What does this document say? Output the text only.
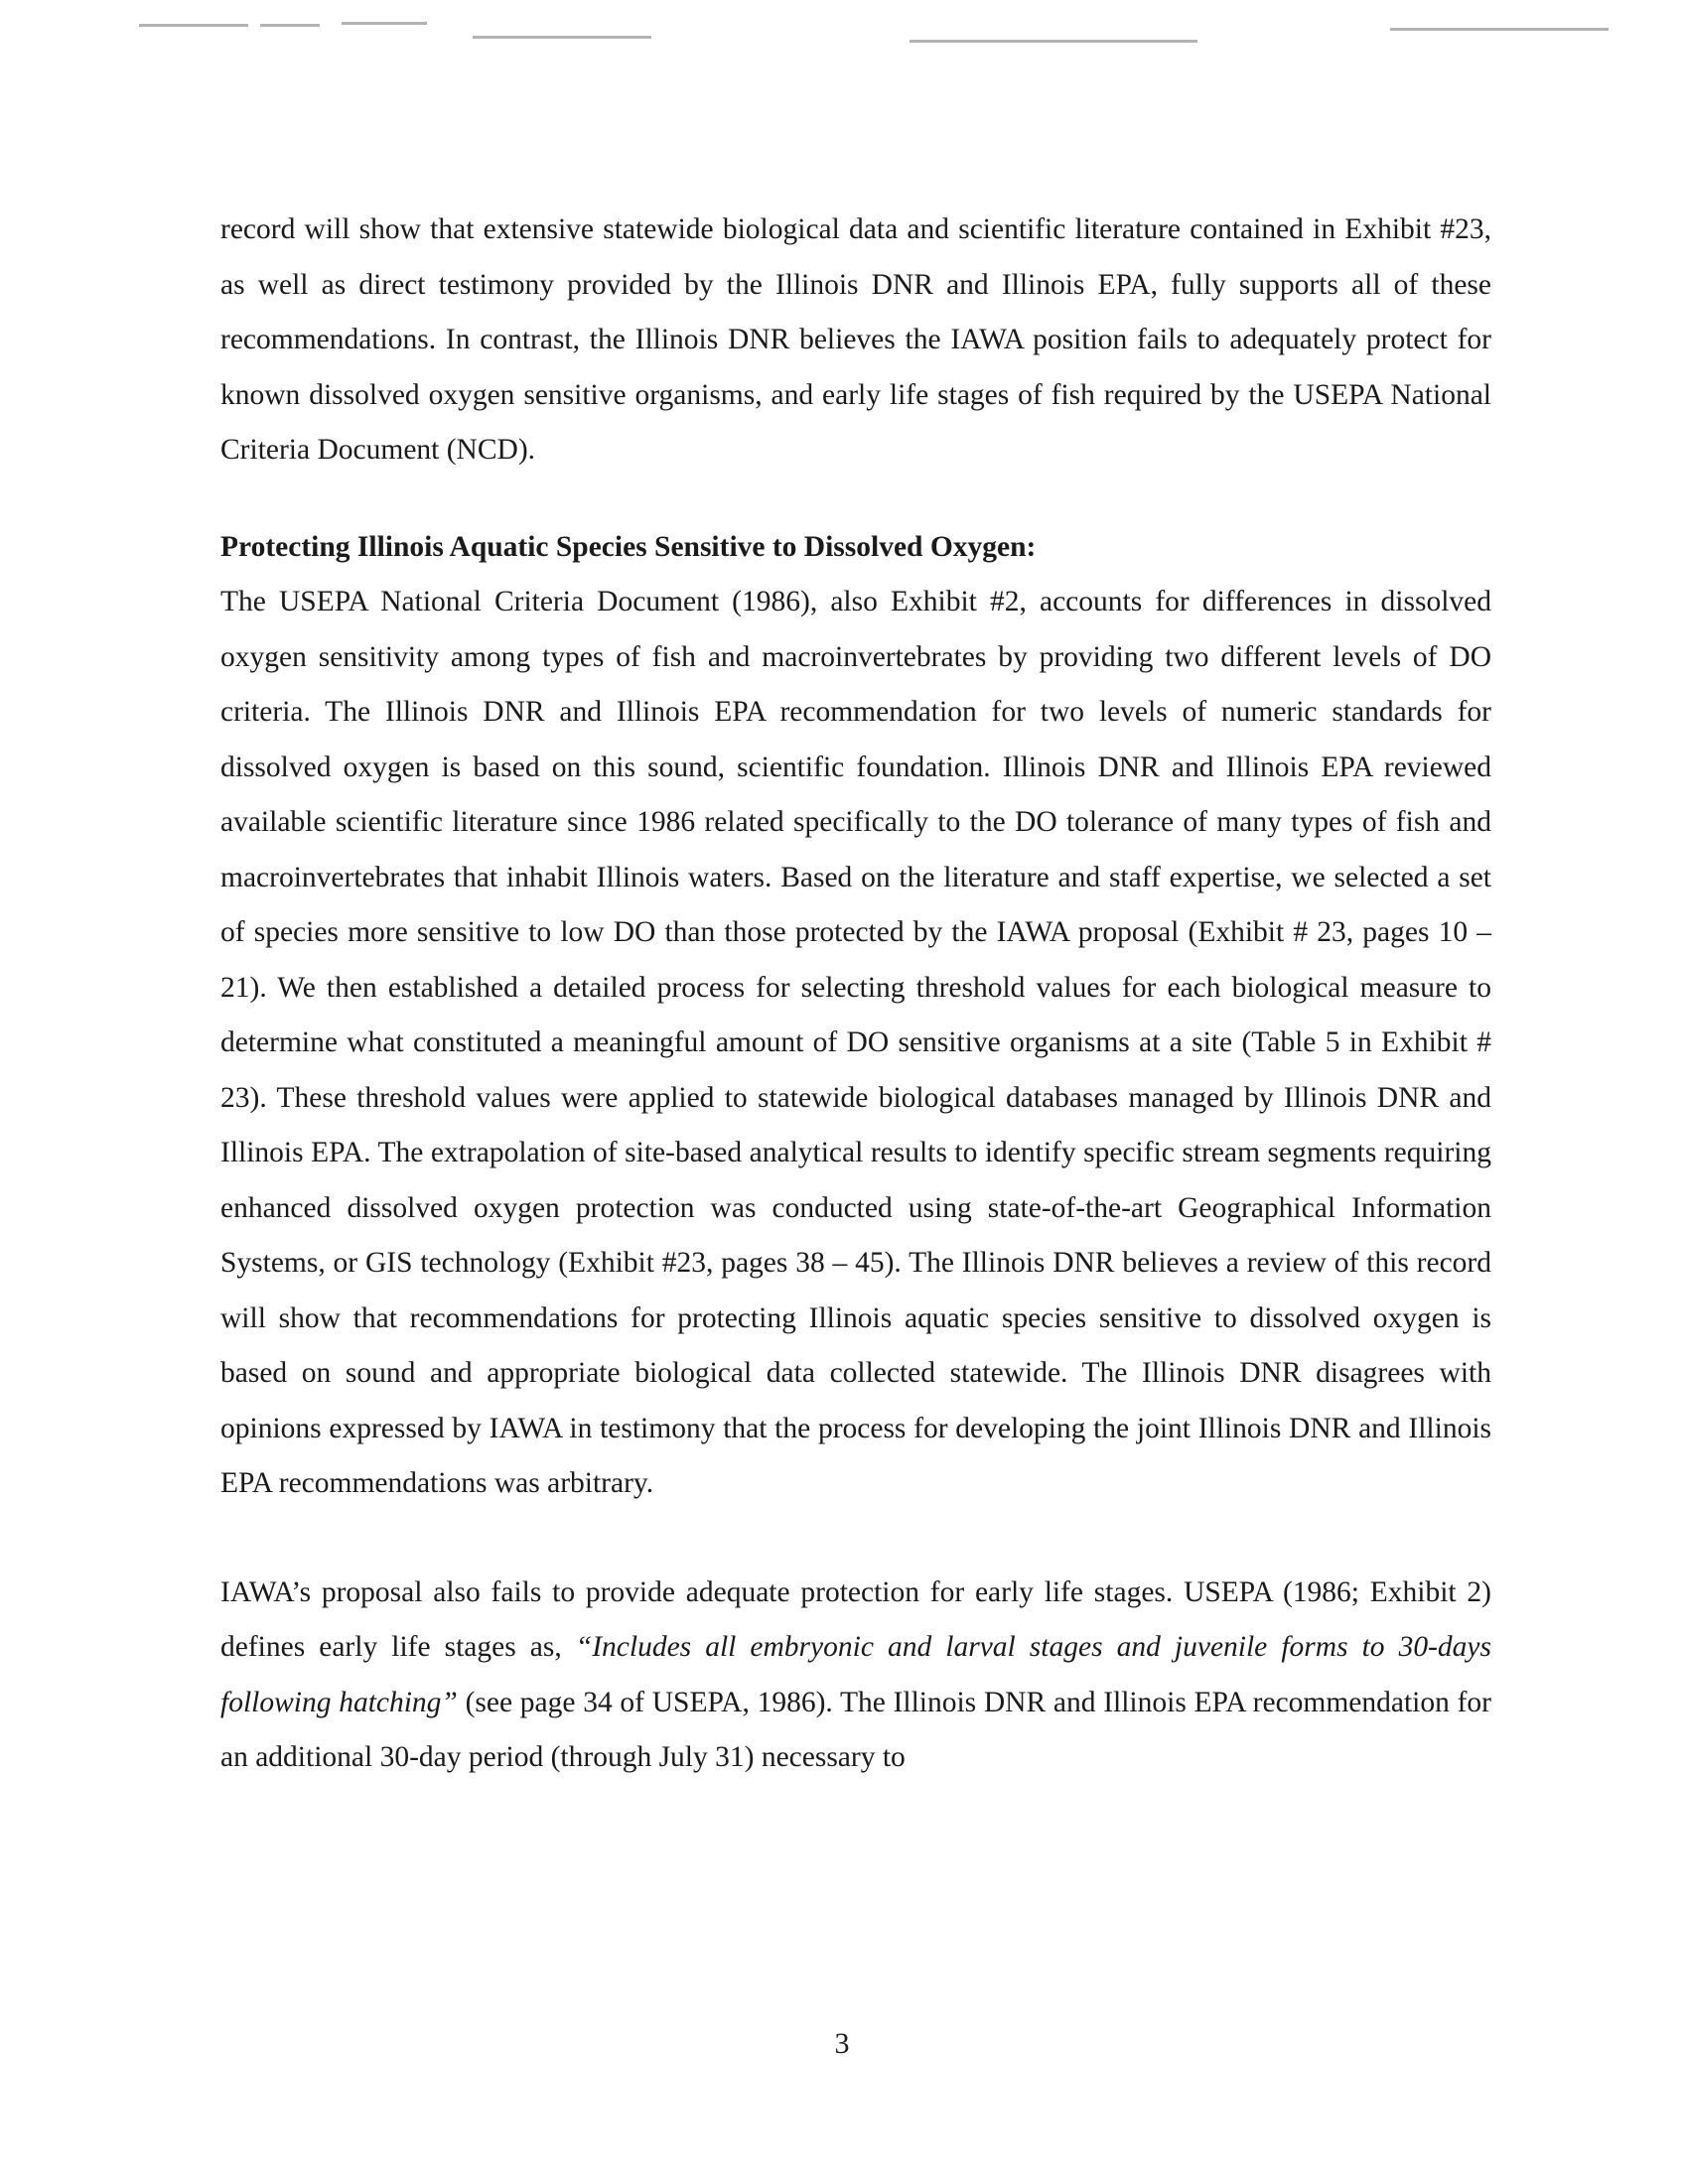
record will show that extensive statewide biological data and scientific literature contained in Exhibit #23, as well as direct testimony provided by the Illinois DNR and Illinois EPA, fully supports all of these recommendations. In contrast, the Illinois DNR believes the IAWA position fails to adequately protect for known dissolved oxygen sensitive organisms, and early life stages of fish required by the USEPA National Criteria Document (NCD).

Protecting Illinois Aquatic Species Sensitive to Dissolved Oxygen:

The USEPA National Criteria Document (1986), also Exhibit #2, accounts for differences in dissolved oxygen sensitivity among types of fish and macroinvertebrates by providing two different levels of DO criteria. The Illinois DNR and Illinois EPA recommendation for two levels of numeric standards for dissolved oxygen is based on this sound, scientific foundation. Illinois DNR and Illinois EPA reviewed available scientific literature since 1986 related specifically to the DO tolerance of many types of fish and macroinvertebrates that inhabit Illinois waters. Based on the literature and staff expertise, we selected a set of species more sensitive to low DO than those protected by the IAWA proposal (Exhibit # 23, pages 10 – 21). We then established a detailed process for selecting threshold values for each biological measure to determine what constituted a meaningful amount of DO sensitive organisms at a site (Table 5 in Exhibit # 23). These threshold values were applied to statewide biological databases managed by Illinois DNR and Illinois EPA. The extrapolation of site-based analytical results to identify specific stream segments requiring enhanced dissolved oxygen protection was conducted using state-of-the-art Geographical Information Systems, or GIS technology (Exhibit #23, pages 38 – 45). The Illinois DNR believes a review of this record will show that recommendations for protecting Illinois aquatic species sensitive to dissolved oxygen is based on sound and appropriate biological data collected statewide. The Illinois DNR disagrees with opinions expressed by IAWA in testimony that the process for developing the joint Illinois DNR and Illinois EPA recommendations was arbitrary.

IAWA’s proposal also fails to provide adequate protection for early life stages. USEPA (1986; Exhibit 2) defines early life stages as, “Includes all embryonic and larval stages and juvenile forms to 30-days following hatching” (see page 34 of USEPA, 1986). The Illinois DNR and Illinois EPA recommendation for an additional 30-day period (through July 31) necessary to

3
